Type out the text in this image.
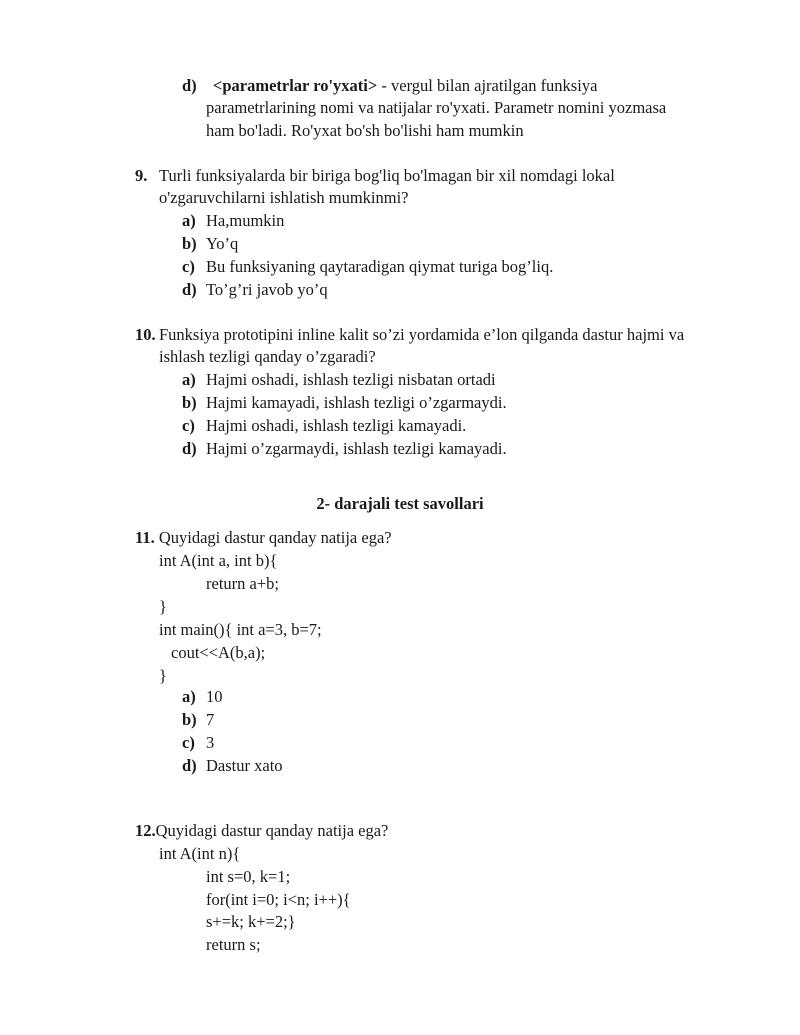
d) <parametrlar ro'yxati> - vergul bilan ajratilgan funksiya
parametrlarining nomi va natijalar ro'yxati. Parametr nomini yozmasa
ham bo'ladi. Ro'yxat bo'sh bo'lishi ham mumkin
9. Turli funksiyalarda bir biriga bog'liq bo'lmagan bir xil nomdagi lokal
o'zgaruvchilarni ishlatish mumkinmi?
a) Ha,mumkin
b) Yo’q
c) Bu funksiyaning qaytaradigan qiymat turiga bog’liq.
d) To’g’ri javob yo’q
10. Funksiya prototipini inline kalit so’zi yordamida e’lon qilganda dastur hajmi va
ishlash tezligi qanday o’zgaradi?
a) Hajmi oshadi, ishlash tezligi nisbatan ortadi
b) Hajmi kamayadi, ishlash tezligi o’zgarmaydi.
c) Hajmi oshadi, ishlash tezligi kamayadi.
d) Hajmi o’zgarmaydi, ishlash tezligi kamayadi.
2- darajali test savollari
11. Quyidagi dastur qanday natija ega?
int A(int a, int b){
return a+b;
}
int main(){ int a=3, b=7;
cout<<A(b,a);
}
a) 10
b) 7
c) 3
d) Dastur xato
12.Quyidagi dastur qanday natija ega?
int A(int n){
int s=0, k=1;
for(int i=0; i<n; i++){
s+=k; k+=2;}
return s;
